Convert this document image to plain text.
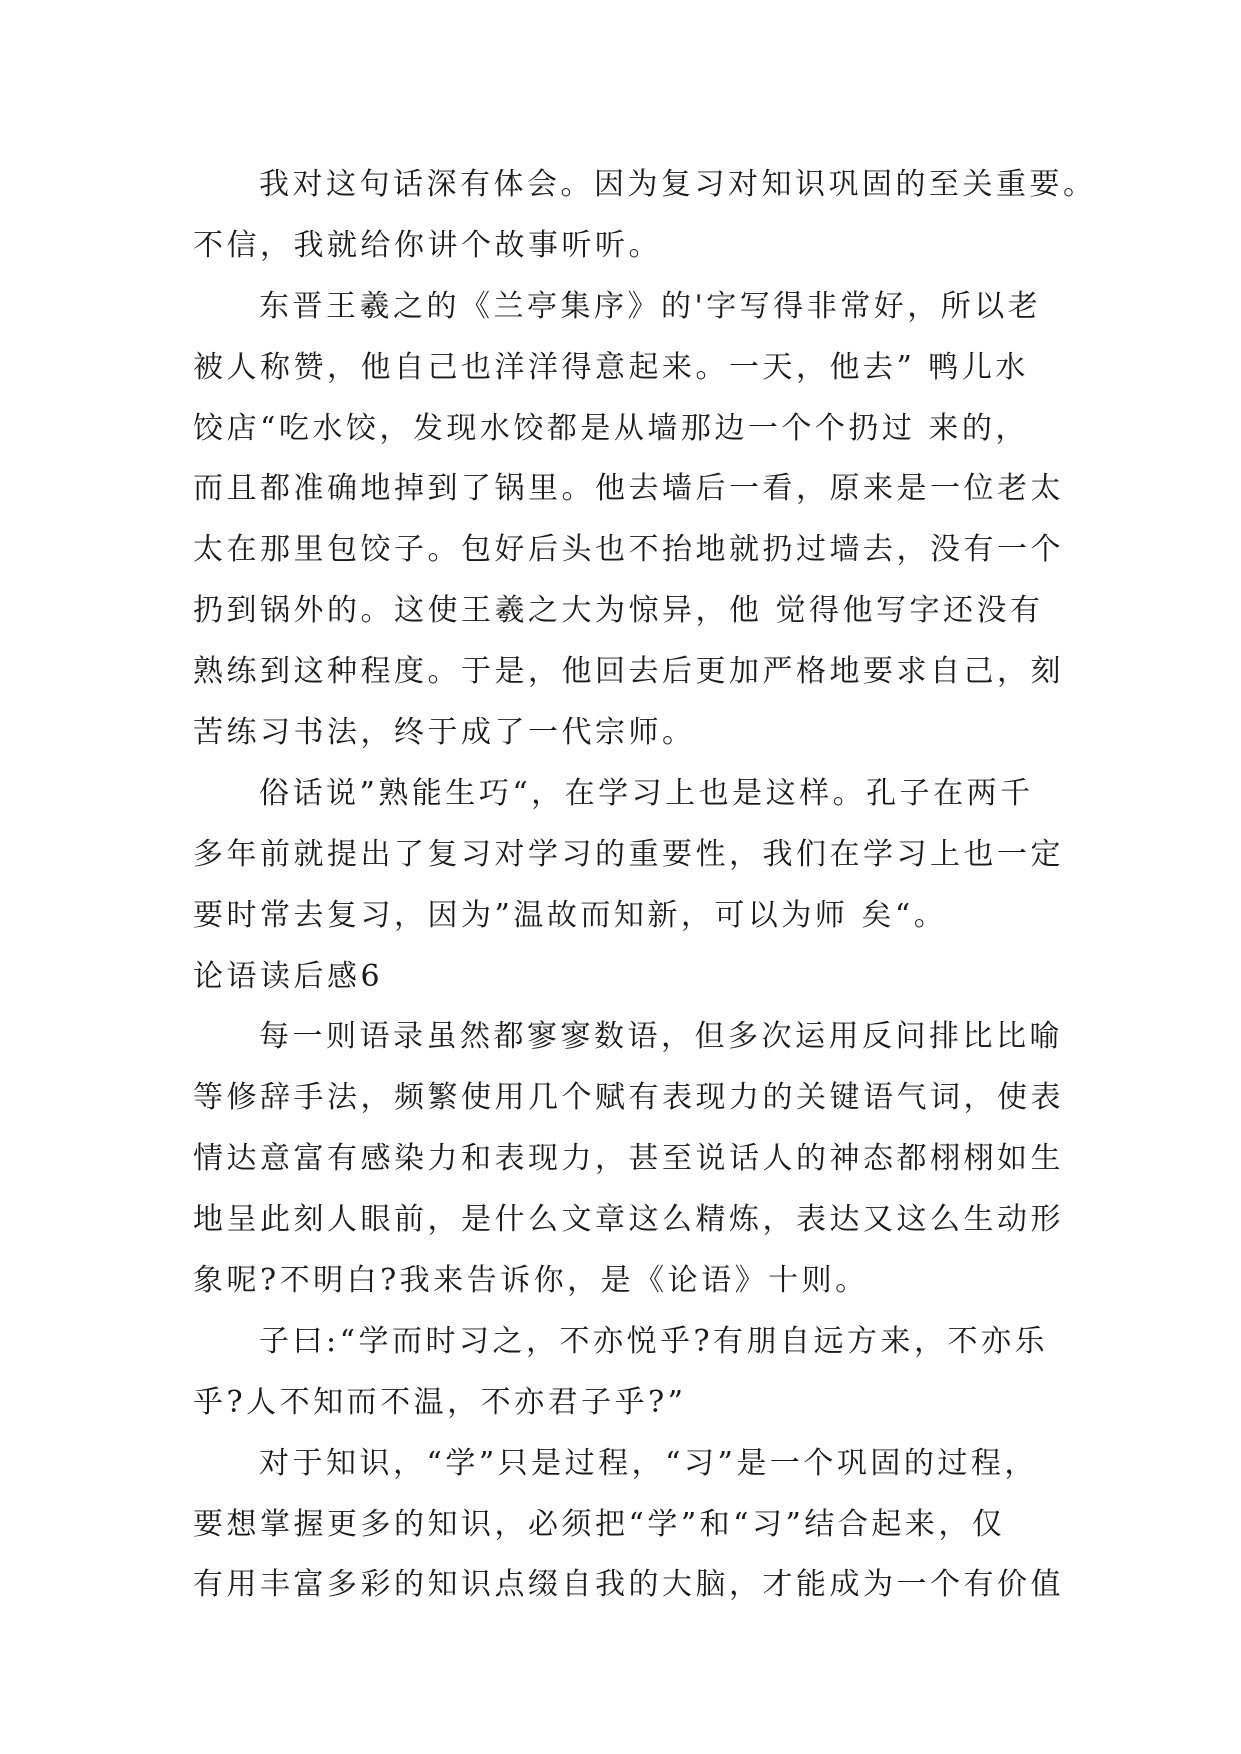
我对这句话深有体会。因为复习对知识巩固的至关重要。
不信，我就给你讲个故事听听。
东晋王羲之的《兰亭集序》的'字写得非常好，所以老
被人称赞，他自己也洋洋得意起来。一天，他去” 鸭儿水
饺店“吃水饺，发现水饺都是从墙那边一个个扔过 来的，
而且都准确地掉到了锅里。他去墙后一看，原来是一位老太
太在那里包饺子。包好后头也不抬地就扔过墙去，没有一个
扔到锅外的。这使王羲之大为惊异，他 觉得他写字还没有
熟练到这种程度。于是，他回去后更加严格地要求自己，刻
苦练习书法，终于成了一代宗师。
俗话说”熟能生巧“，在学习上也是这样。孔子在两千
多年前就提出了复习对学习的重要性，我们在学习上也一定
要时常去复习，因为”温故而知新，可以为师 矣“。
论语读后感6
每一则语录虽然都寥寥数语，但多次运用反问排比比喻
等修辞手法，频繁使用几个赋有表现力的关键语气词，使表
情达意富有感染力和表现力，甚至说话人的神态都栩栩如生
地呈此刻人眼前，是什么文章这么精炼，表达又这么生动形
象呢?不明白?我来告诉你，是《论语》十则。
子曰:“学而时习之，不亦悦乎?有朋自远方来，不亦乐
乎?人不知而不温，不亦君子乎?”
对于知识，“学”只是过程，“习”是一个巩固的过程，
要想掌握更多的知识，必须把“学”和“习”结合起来，仅
有用丰富多彩的知识点缀自我的大脑，才能成为一个有价值
